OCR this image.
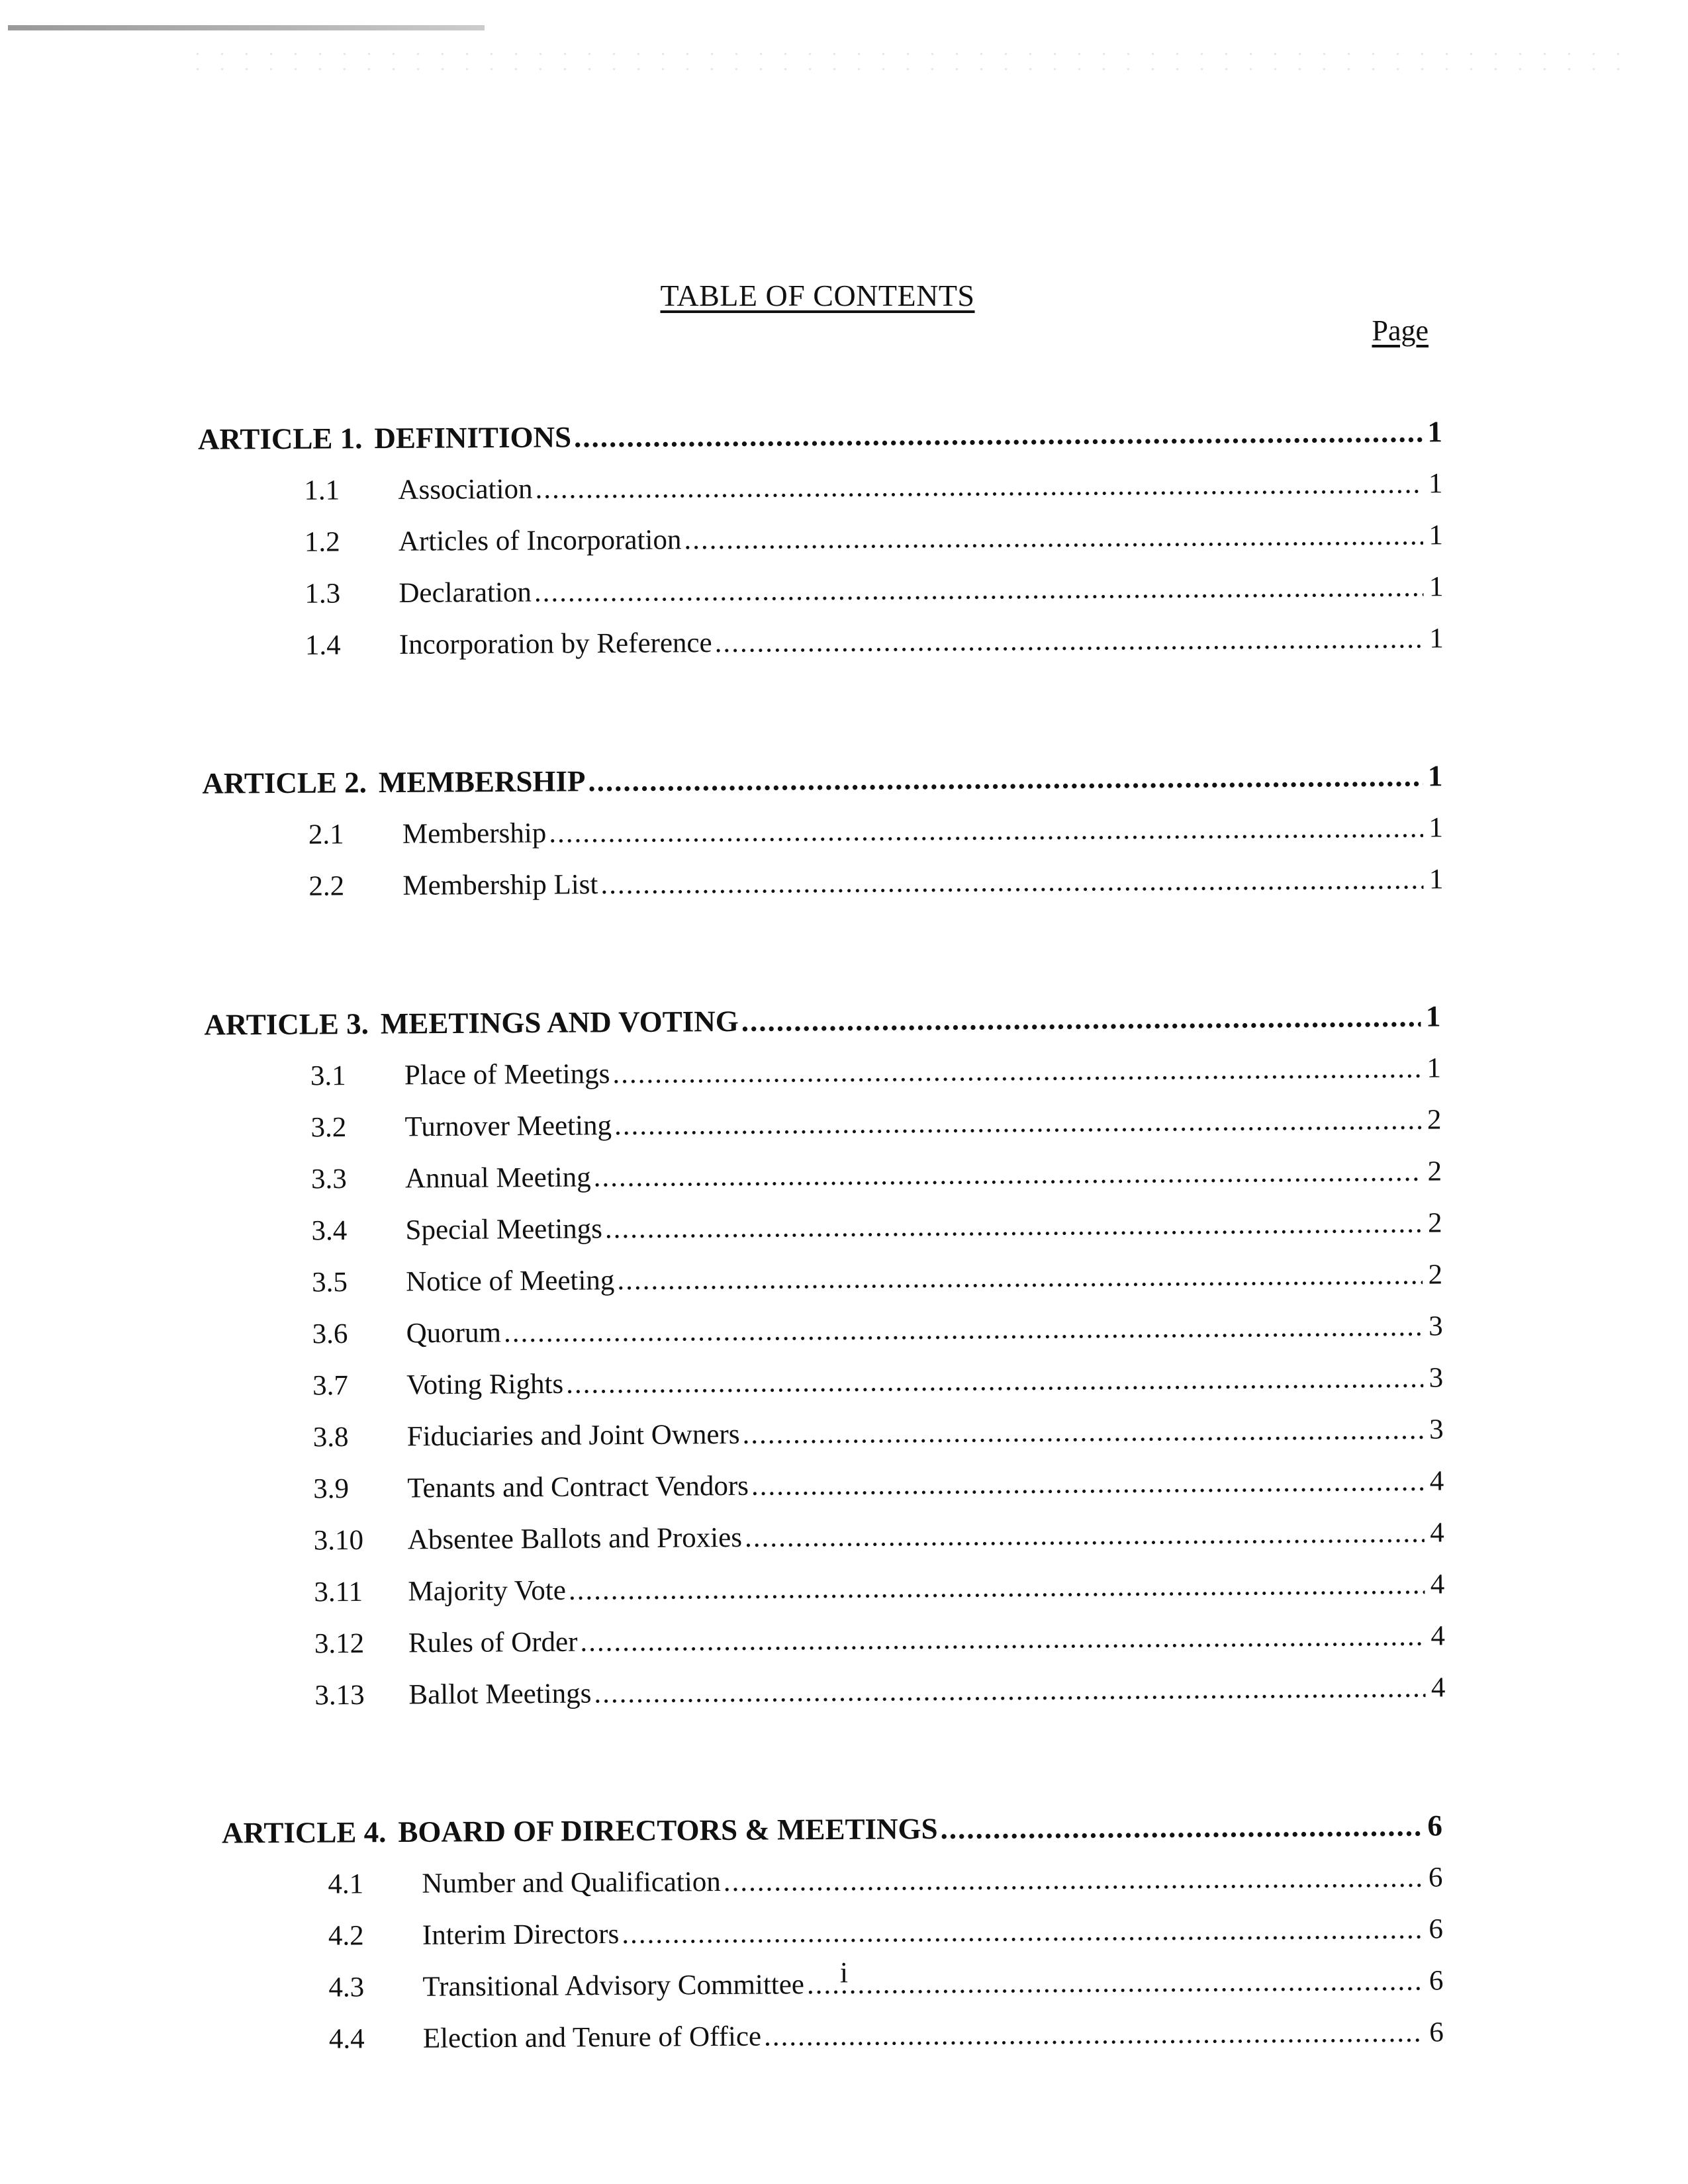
TABLE OF CONTENTS
Page
ARTICLE 1. DEFINITIONS .....	1
1.1	Association .....	1
1.2	Articles of Incorporation .....	1
1.3	Declaration .....	1
1.4	Incorporation by Reference .....	1
ARTICLE 2. MEMBERSHIP .....	1
2.1	Membership .....	1
2.2	Membership List .....	1
ARTICLE 3. MEETINGS AND VOTING .....	1
3.1	Place of Meetings .....	1
3.2	Turnover Meeting .....	2
3.3	Annual Meeting .....	2
3.4	Special Meetings .....	2
3.5	Notice of Meeting .....	2
3.6	Quorum .....	3
3.7	Voting Rights .....	3
3.8	Fiduciaries and Joint Owners .....	3
3.9	Tenants and Contract Vendors .....	4
3.10	Absentee Ballots and Proxies .....	4
3.11	Majority Vote .....	4
3.12	Rules of Order .....	4
3.13	Ballot Meetings .....	4
ARTICLE 4. BOARD OF DIRECTORS & MEETINGS .....	6
4.1	Number and Qualification .....	6
4.2	Interim Directors .....	6
4.3	Transitional Advisory Committee .....	6
4.4	Election and Tenure of Office .....	6
i
